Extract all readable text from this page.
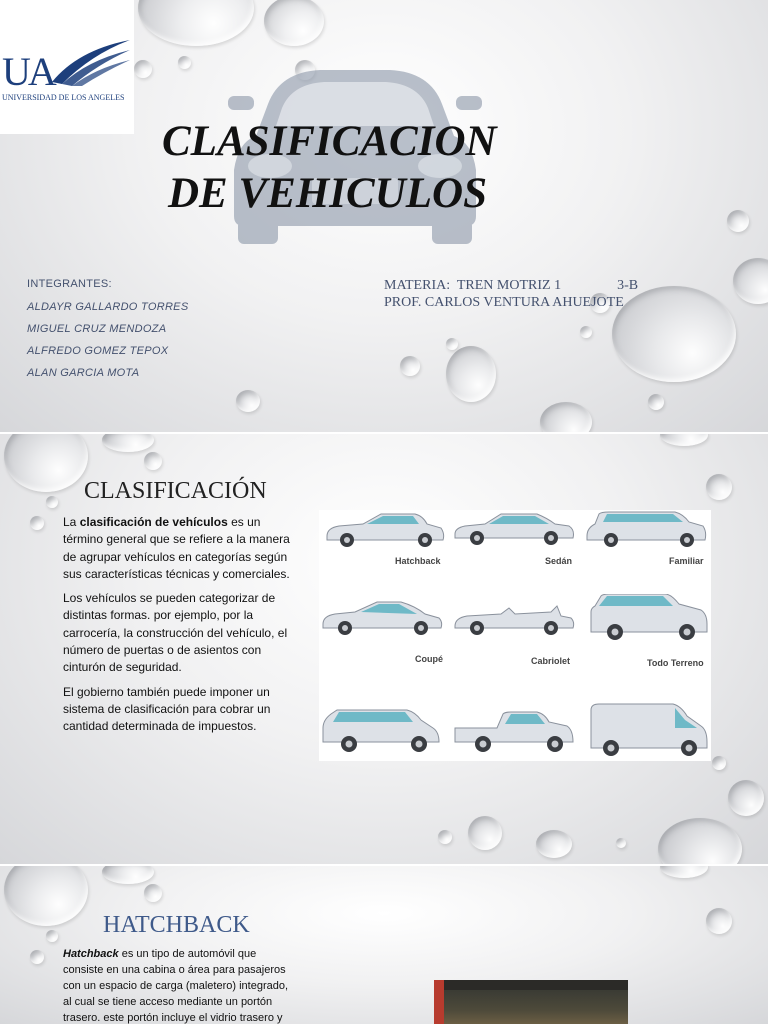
UA
UNIVERSIDAD DE LOS ANGELES
CLASIFICACION
DE VEHICULOS
INTEGRANTES:
ALDAYR GALLARDO TORRES
MIGUEL CRUZ MENDOZA
ALFREDO GOMEZ TEPOX
ALAN GARCIA MOTA
MATERIA:  TREN MOTRIZ 1                3-B
PROF. CARLOS VENTURA AHUEJOTE
CLASIFICACIÓN

La clasificación de vehículos es un término general que se refiere a la manera de agrupar vehículos en categorías según sus características técnicas y comerciales.

Los vehículos se pueden categorizar de distintas formas. por ejemplo, por la carrocería, la construcción del vehículo, el número de puertas o de asientos con cinturón de seguridad.

El gobierno también puede imponer un sistema de clasificación para cobrar un cantidad determinada de impuestos.

Hatchback	Sedán	Familiar
Coupé	Cabriolet	Todo Terreno
HATCHBACK

Hatchback es un tipo de automóvil que consiste en una cabina o área para pasajeros con un espacio de carga (maletero) integrado, al cual se tiene acceso mediante un portón trasero. este portón incluye el vidrio trasero y
